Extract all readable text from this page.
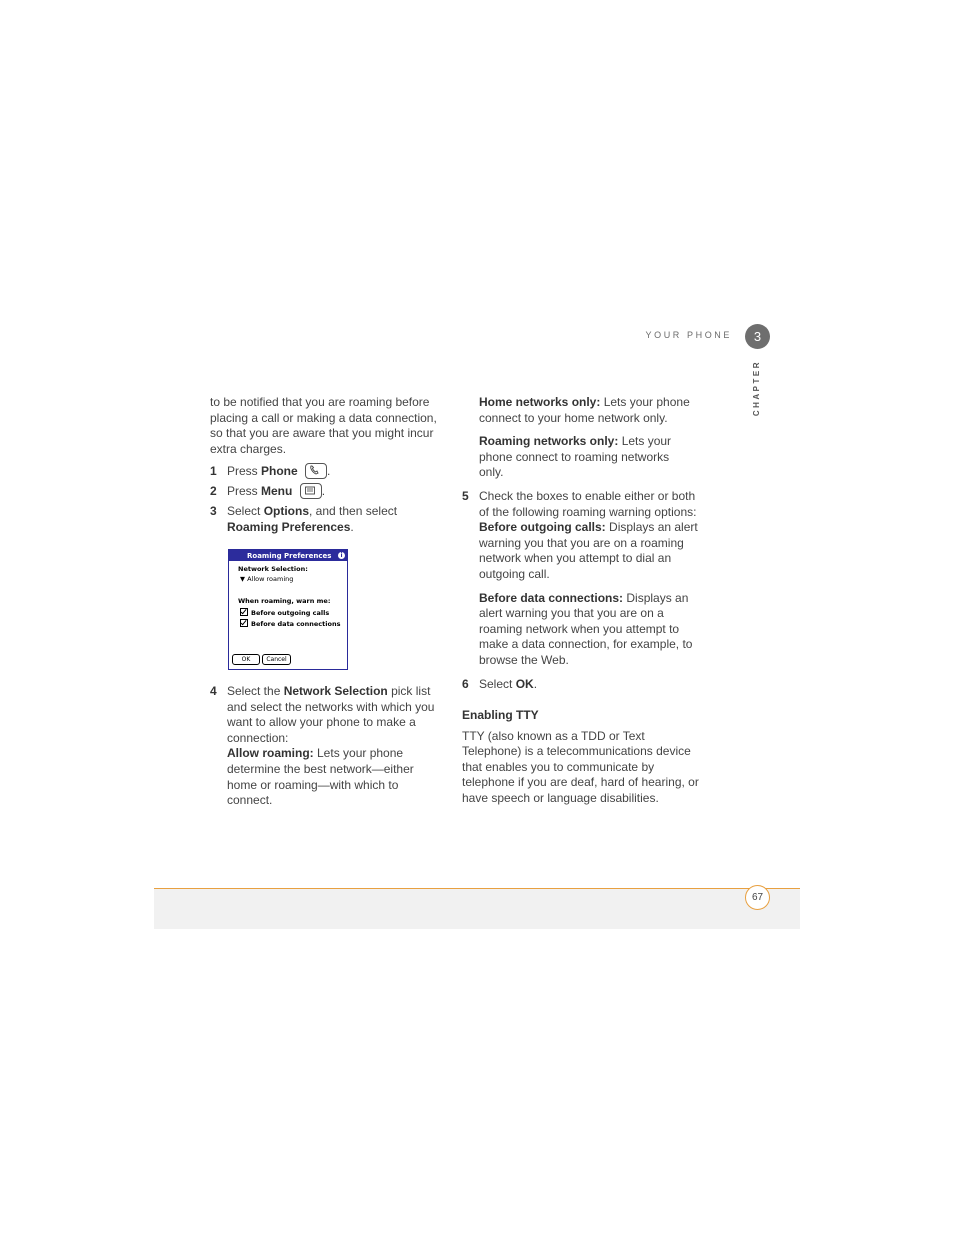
YOUR PHONE	3
CHAPTER

to be notified that you are roaming before placing a call or making a data connection, so that you are aware that you might incur extra charges.

1 Press Phone .
2 Press Menu .
3 Select Options, and then select Roaming Preferences.
Roaming Preferences	i
Network Selection:
▼ Allow roaming
When roaming, warn me:
Before outgoing calls
Before data connections
OK	Cancel
4 Select the Network Selection pick list and select the networks with which you want to allow your phone to make a connection:

Allow roaming: Lets your phone determine the best network—either home or roaming—with which to connect.

Home networks only: Lets your phone connect to your home network only.

Roaming networks only: Lets your phone connect to roaming networks only.

5 Check the boxes to enable either or both of the following roaming warning options:

Before outgoing calls: Displays an alert warning you that you are on a roaming network when you attempt to dial an outgoing call.

Before data connections: Displays an alert warning you that you are on a roaming network when you attempt to make a data connection, for example, to browse the Web.

6 Select OK.

Enabling TTY

TTY (also known as a TDD or Text Telephone) is a telecommunications device that enables you to communicate by telephone if you are deaf, hard of hearing, or have speech or language disabilities.

67
